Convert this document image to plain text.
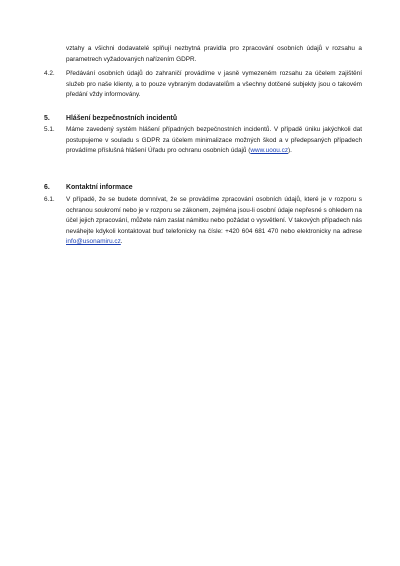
vztahy a všichni dodavatelé splňují nezbytná pravidla pro zpracování osobních údajů v rozsahu a parametrech vyžadovaných nařízením GDPR.
4.2.	Předávání osobních údajů do zahraničí provádíme v jasně vymezeném rozsahu za účelem zajištění služeb pro naše klienty, a to pouze vybraným dodavatelům a všechny dotčené subjekty jsou o takovém předání vždy informovány.
5.	Hlášení bezpečnostních incidentů
5.1.	Máme zavedený systém hlášení případných bezpečnostních incidentů. V případě úniku jakýchkoli dat postupujeme v souladu s GDPR za účelem minimalizace možných škod a v předepsaných případech provádíme příslušná hlášení Úřadu pro ochranu osobních údajů (www.uoou.cz).
6.	Kontaktní informace
6.1.	V případě, že se budete domnívat, že se provádíme zpracování osobních údajů, které je v rozporu s ochranou soukromí nebo je v rozporu se zákonem, zejména jsou-li osobní údaje nepřesné s ohledem na účel jejich zpracování, můžete nám zaslat námitku nebo požádat o vysvětlení. V takových případech nás neváhejte kdykoli kontaktovat buď telefonicky na čísle: +420 604 681 470 nebo elektronicky na adrese info@usonamiru.cz.
